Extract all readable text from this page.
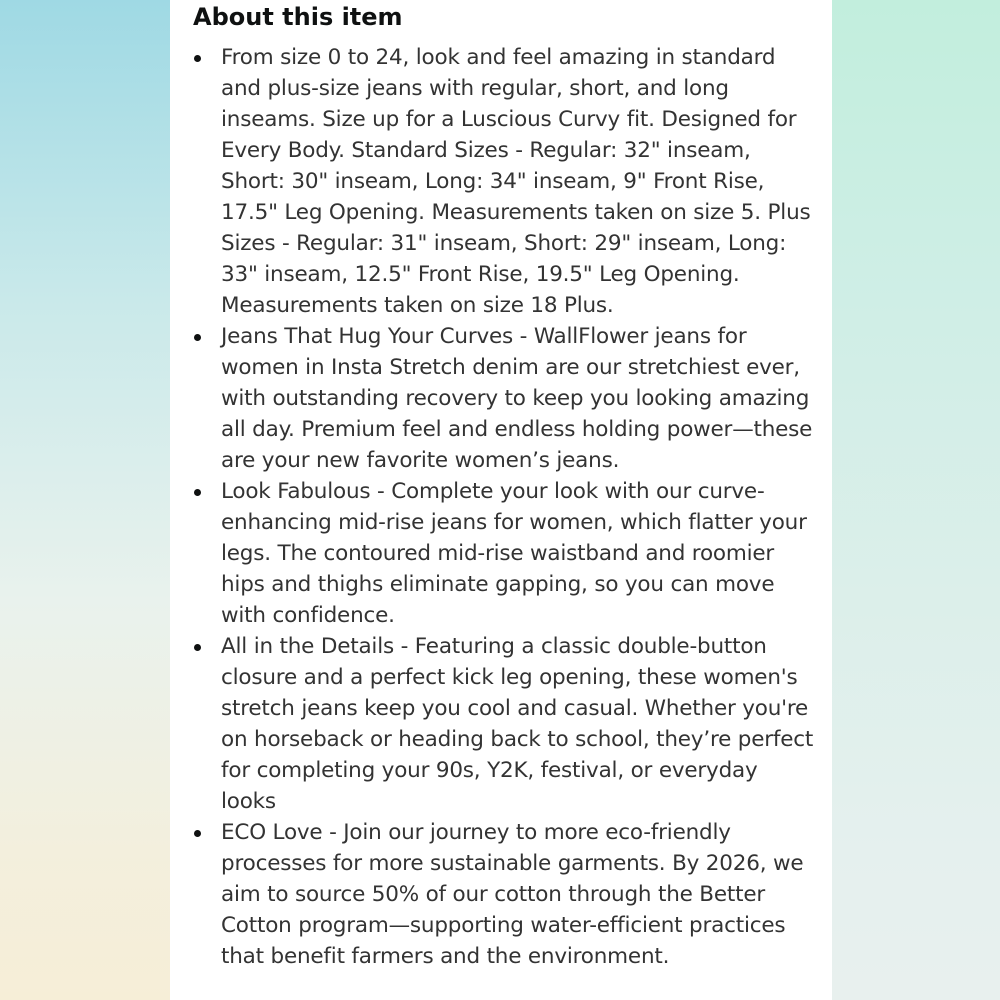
About this item
From size 0 to 24, look and feel amazing in standard and plus-size jeans with regular, short, and long inseams. Size up for a Luscious Curvy fit. Designed for Every Body. Standard Sizes - Regular: 32" inseam, Short: 30" inseam, Long: 34" inseam, 9" Front Rise, 17.5" Leg Opening. Measurements taken on size 5. Plus Sizes - Regular: 31" inseam, Short: 29" inseam, Long: 33" inseam, 12.5" Front Rise, 19.5" Leg Opening. Measurements taken on size 18 Plus.
Jeans That Hug Your Curves - WallFlower jeans for women in Insta Stretch denim are our stretchiest ever, with outstanding recovery to keep you looking amazing all day. Premium feel and endless holding power—these are your new favorite women’s jeans.
Look Fabulous - Complete your look with our curve-enhancing mid-rise jeans for women, which flatter your legs. The contoured mid-rise waistband and roomier hips and thighs eliminate gapping, so you can move with confidence.
All in the Details - Featuring a classic double-button closure and a perfect kick leg opening, these women's stretch jeans keep you cool and casual. Whether you're on horseback or heading back to school, they’re perfect for completing your 90s, Y2K, festival, or everyday looks
ECO Love - Join our journey to more eco-friendly processes for more sustainable garments. By 2026, we aim to source 50% of our cotton through the Better Cotton program—supporting water-efficient practices that benefit farmers and the environment.
